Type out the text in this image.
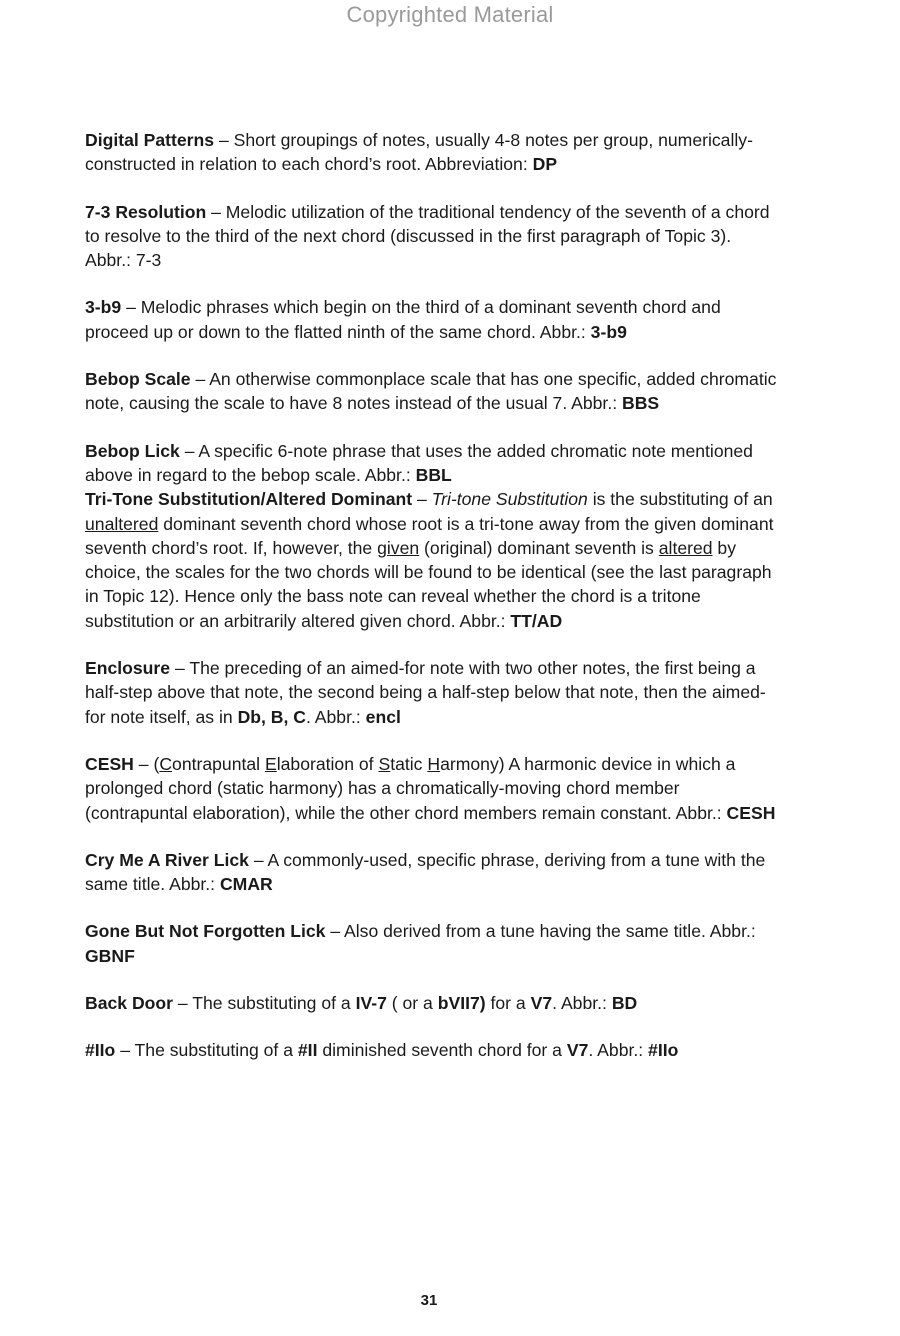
Copyrighted Material

Digital Patterns – Short groupings of notes, usually 4-8 notes per group, numerically-constructed in relation to each chord’s root. Abbreviation: DP

7-3 Resolution – Melodic utilization of the traditional tendency of the seventh of a chord to resolve to the third of the next chord (discussed in the first paragraph of Topic 3). Abbr.: 7-3

3-b9 – Melodic phrases which begin on the third of a dominant seventh chord and proceed up or down to the flatted ninth of the same chord. Abbr.: 3-b9

Bebop Scale – An otherwise commonplace scale that has one specific, added chromatic note, causing the scale to have 8 notes instead of the usual 7. Abbr.: BBS

Bebop Lick – A specific 6-note phrase that uses the added chromatic note mentioned above in regard to the bebop scale. Abbr.: BBL

Tri-Tone Substitution/Altered Dominant – Tri-tone Substitution is the substituting of an unaltered dominant seventh chord whose root is a tri-tone away from the given dominant seventh chord’s root. If, however, the given (original) dominant seventh is altered by choice, the scales for the two chords will be found to be identical (see the last paragraph in Topic 12). Hence only the bass note can reveal whether the chord is a tritone substitution or an arbitrarily altered given chord. Abbr.: TT/AD

Enclosure – The preceding of an aimed-for note with two other notes, the first being a half-step above that note, the second being a half-step below that note, then the aimed-for note itself, as in Db, B, C. Abbr.: encl

CESH – (Contrapuntal Elaboration of Static Harmony) A harmonic device in which a prolonged chord (static harmony) has a chromatically-moving chord member (contrapuntal elaboration), while the other chord members remain constant. Abbr.: CESH

Cry Me A River Lick – A commonly-used, specific phrase, deriving from a tune with the same title. Abbr.: CMAR

Gone But Not Forgotten Lick – Also derived from a tune having the same title. Abbr.: GBNF

Back Door – The substituting of a IV-7 ( or a bVII7) for a V7. Abbr.: BD

#IIo – The substituting of a #II diminished seventh chord for a V7. Abbr.: #IIo

31
